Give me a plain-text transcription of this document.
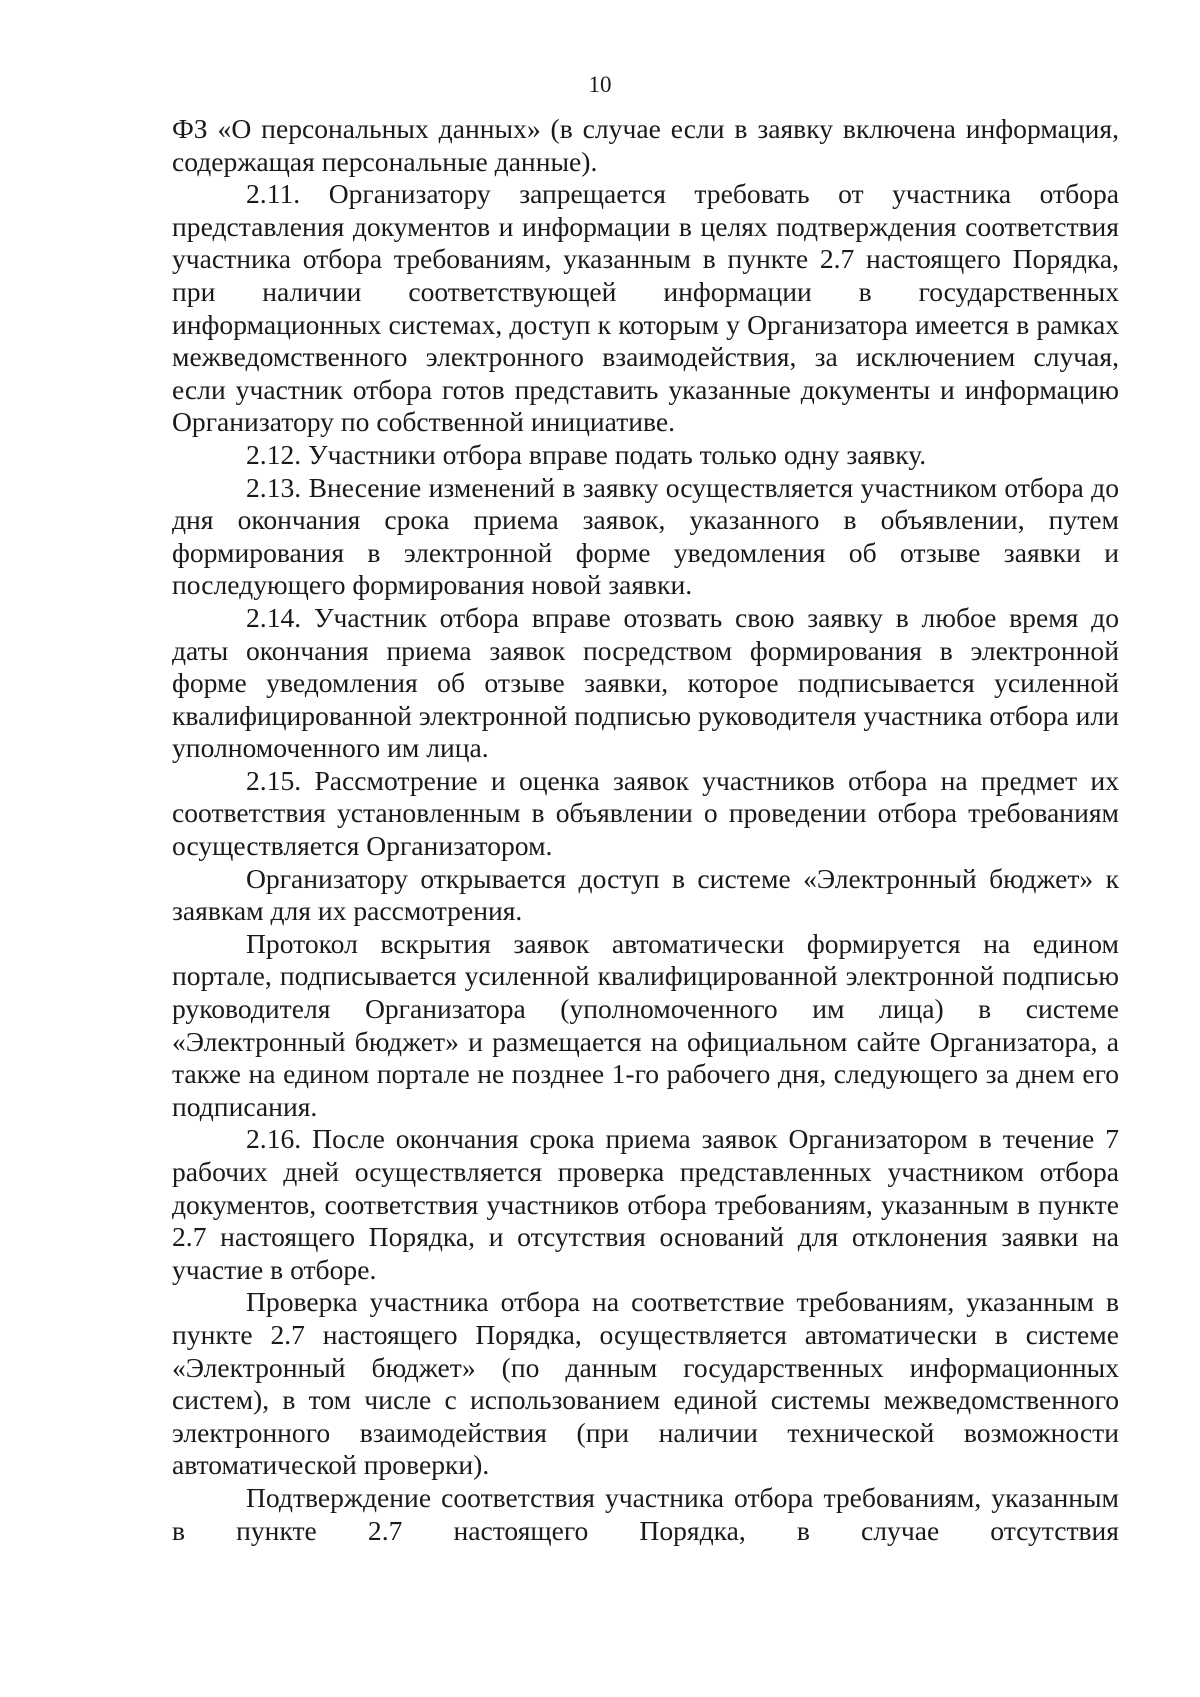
10

ФЗ «О персональных данных» (в случае если в заявку включена информация, содержащая персональные данные).

2.11. Организатору запрещается требовать от участника отбора представления документов и информации в целях подтверждения соответствия участника отбора требованиям, указанным в пункте 2.7 настоящего Порядка, при наличии соответствующей информации в государственных информационных системах, доступ к которым у Организатора имеется в рамках межведомственного электронного взаимодействия, за исключением случая, если участник отбора готов представить указанные документы и информацию Организатору по собственной инициативе.

2.12. Участники отбора вправе подать только одну заявку.

2.13. Внесение изменений в заявку осуществляется участником отбора до дня окончания срока приема заявок, указанного в объявлении, путем формирования в электронной форме уведомления об отзыве заявки и последующего формирования новой заявки.

2.14. Участник отбора вправе отозвать свою заявку в любое время до даты окончания приема заявок посредством формирования в электронной форме уведомления об отзыве заявки, которое подписывается усиленной квалифицированной электронной подписью руководителя участника отбора или уполномоченного им лица.

2.15. Рассмотрение и оценка заявок участников отбора на предмет их соответствия установленным в объявлении о проведении отбора требованиям осуществляется Организатором.

Организатору открывается доступ в системе «Электронный бюджет» к заявкам для их рассмотрения.

Протокол вскрытия заявок автоматически формируется на едином портале, подписывается усиленной квалифицированной электронной подписью руководителя Организатора (уполномоченного им лица) в системе «Электронный бюджет» и размещается на официальном сайте Организатора, а также на едином портале не позднее 1-го рабочего дня, следующего за днем его подписания.

2.16. После окончания срока приема заявок Организатором в течение 7 рабочих дней осуществляется проверка представленных участником отбора документов, соответствия участников отбора требованиям, указанным в пункте 2.7 настоящего Порядка, и отсутствия оснований для отклонения заявки на участие в отборе.

Проверка участника отбора на соответствие требованиям, указанным в пункте 2.7 настоящего Порядка, осуществляется автоматически в системе «Электронный бюджет» (по данным государственных информационных систем), в том числе с использованием единой системы межведомственного электронного взаимодействия (при наличии технической возможности автоматической проверки).

Подтверждение соответствия участника отбора требованиям, указанным в пункте 2.7 настоящего Порядка, в случае отсутствия
